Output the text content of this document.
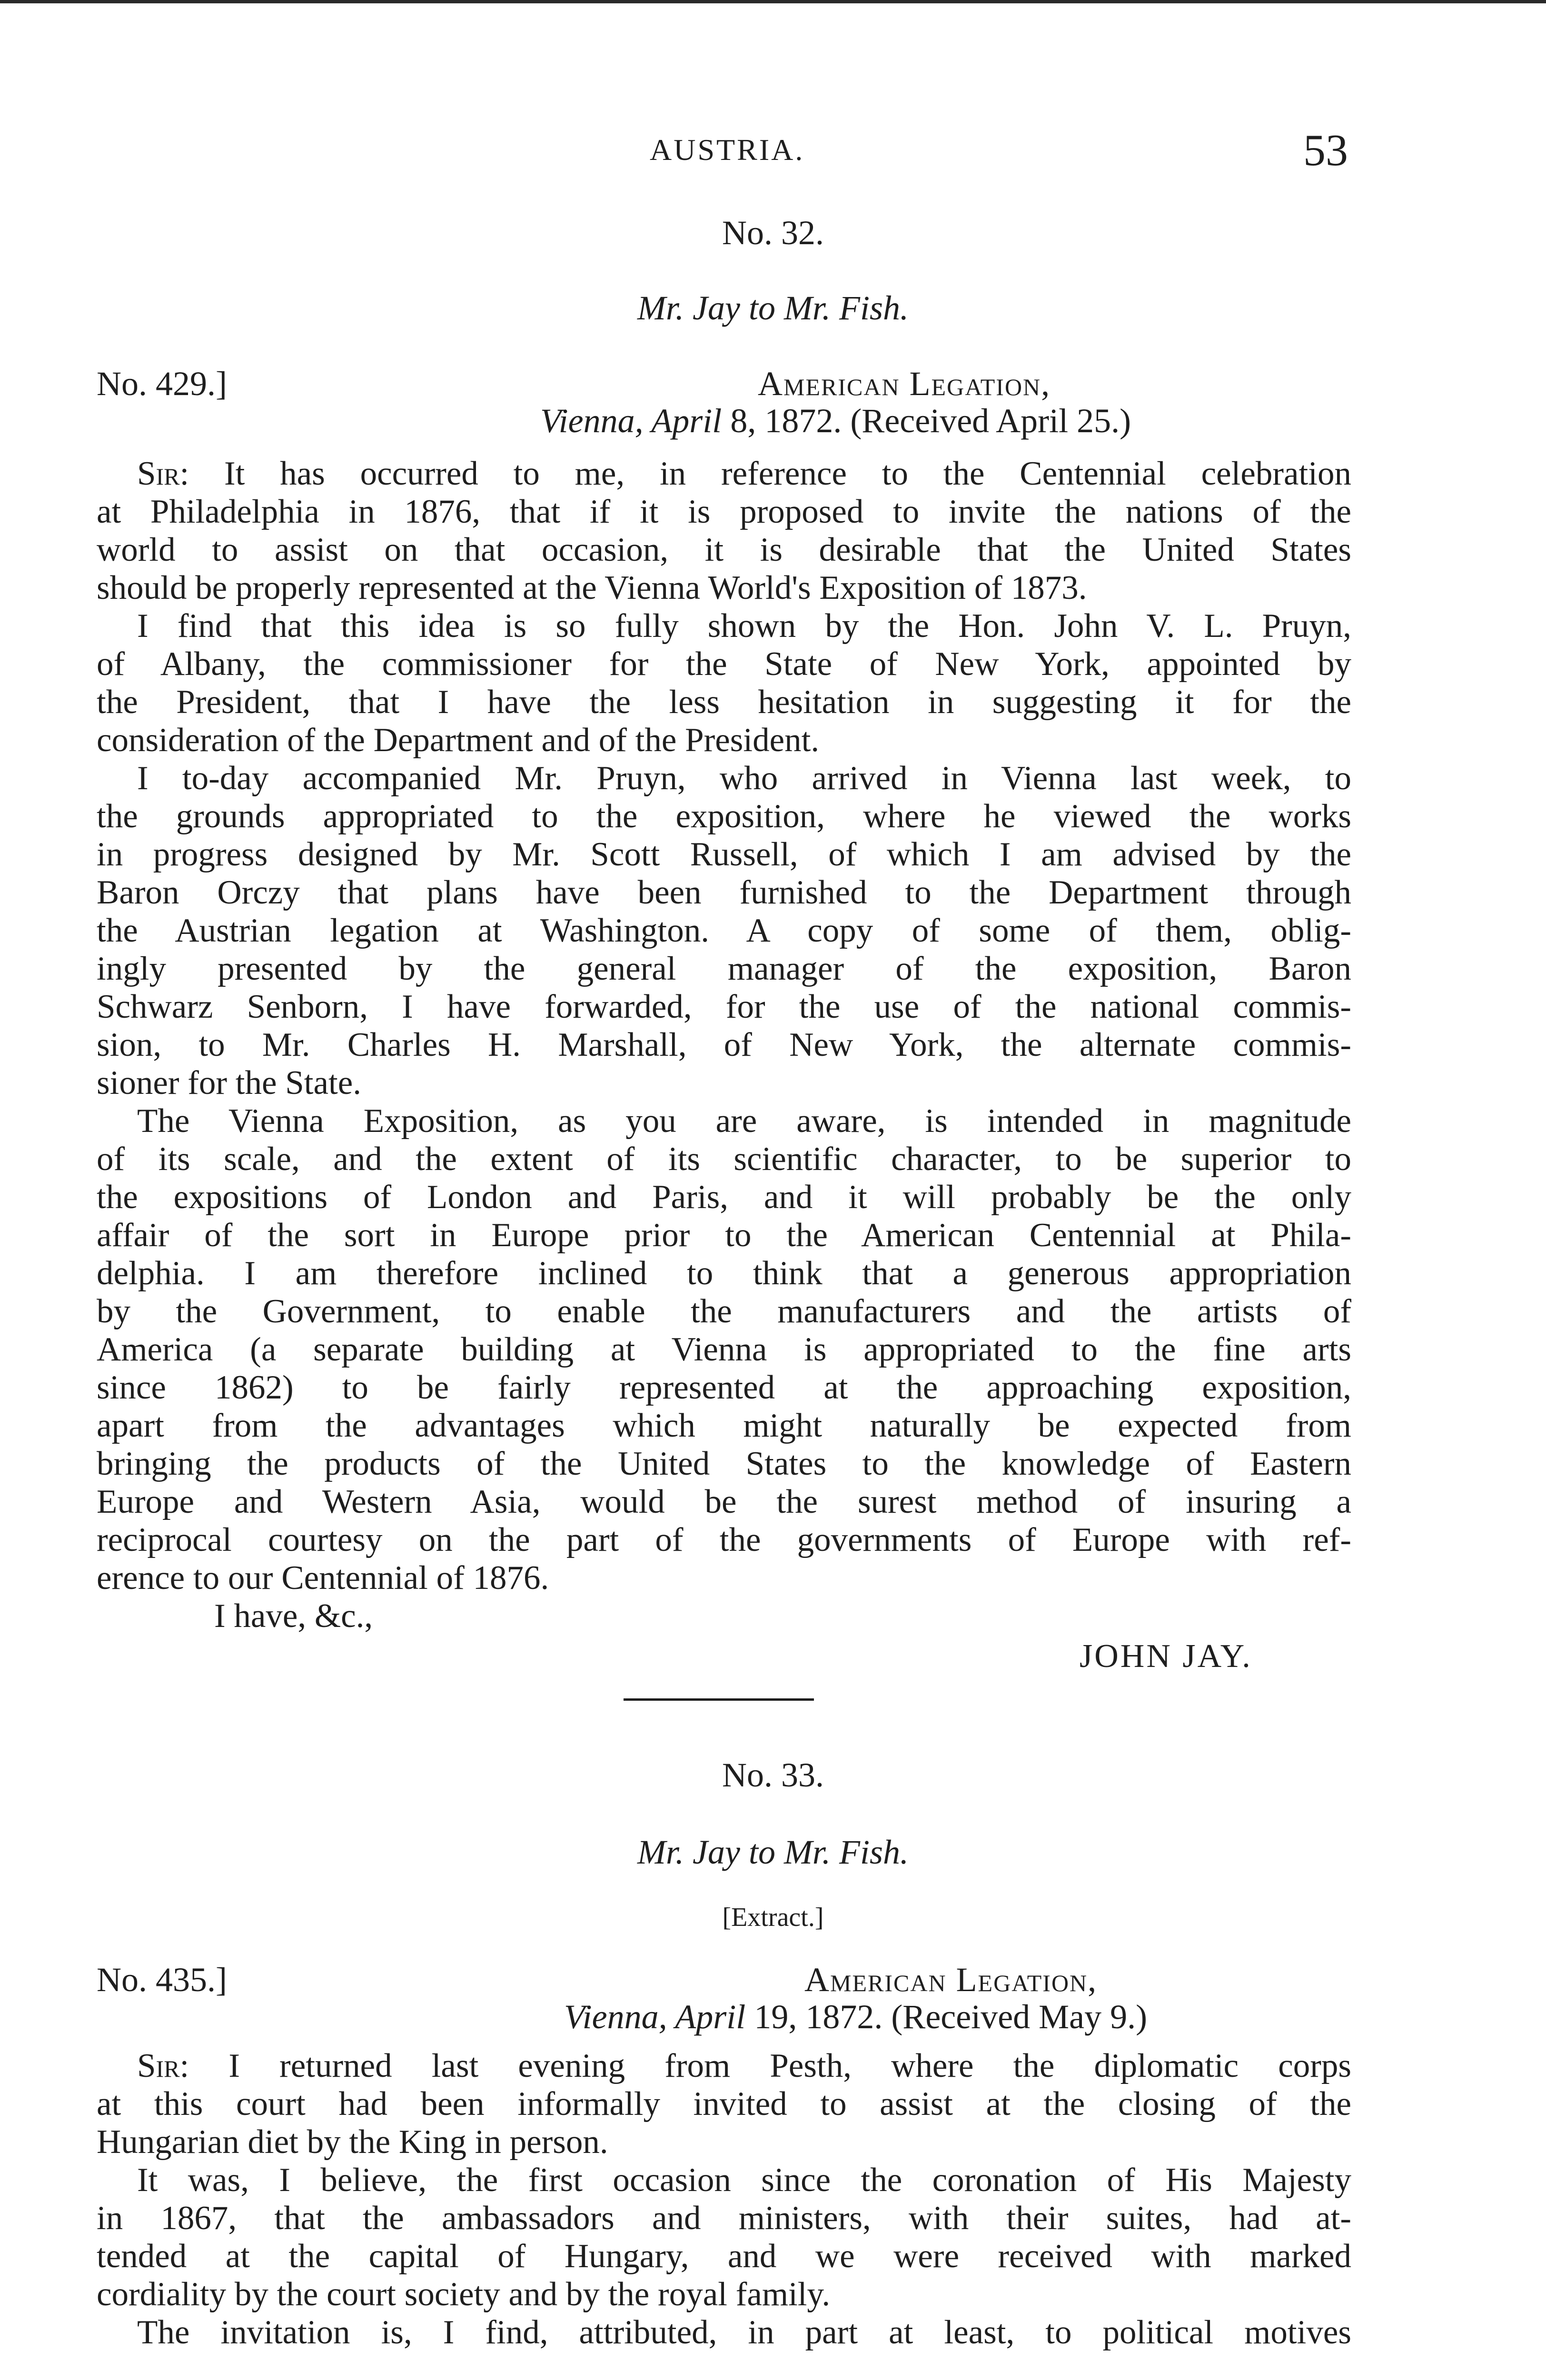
AUSTRIA.	53
No. 32.
Mr. Jay to Mr. Fish.
No. 429.]	American Legation,
Vienna, April 8, 1872. (Received April 25.)
Sir: It has occurred to me, in reference to the Centennial celebration
at Philadelphia in 1876, that if it is proposed to invite the nations of the
world to assist on that occasion, it is desirable that the United States
should be properly represented at the Vienna World's Exposition of 1873.
I find that this idea is so fully shown by the Hon. John V. L. Pruyn,
of Albany, the commissioner for the State of New York, appointed by
the President, that I have the less hesitation in suggesting it for the
consideration of the Department and of the President.
I to-day accompanied Mr. Pruyn, who arrived in Vienna last week, to
the grounds appropriated to the exposition, where he viewed the works
in progress designed by Mr. Scott Russell, of which I am advised by the
Baron Orczy that plans have been furnished to the Department through
the Austrian legation at Washington. A copy of some of them, oblig-
ingly presented by the general manager of the exposition, Baron
Schwarz Senborn, I have forwarded, for the use of the national commis-
sion, to Mr. Charles H. Marshall, of New York, the alternate commis-
sioner for the State.
The Vienna Exposition, as you are aware, is intended in magnitude
of its scale, and the extent of its scientific character, to be superior to
the expositions of London and Paris, and it will probably be the only
affair of the sort in Europe prior to the American Centennial at Phila-
delphia. I am therefore inclined to think that a generous appropriation
by the Government, to enable the manufacturers and the artists of
America (a separate building at Vienna is appropriated to the fine arts
since 1862) to be fairly represented at the approaching exposition,
apart from the advantages which might naturally be expected from
bringing the products of the United States to the knowledge of Eastern
Europe and Western Asia, would be the surest method of insuring a
reciprocal courtesy on the part of the governments of Europe with ref-
erence to our Centennial of 1876.
I have, &c.,
JOHN JAY.
No. 33.
Mr. Jay to Mr. Fish.
[Extract.]
No. 435.]	American Legation,
Vienna, April 19, 1872. (Received May 9.)
Sir: I returned last evening from Pesth, where the diplomatic corps
at this court had been informally invited to assist at the closing of the
Hungarian diet by the King in person.
It was, I believe, the first occasion since the coronation of His Majesty
in 1867, that the ambassadors and ministers, with their suites, had at-
tended at the capital of Hungary, and we were received with marked
cordiality by the court society and by the royal family.
The invitation is, I find, attributed, in part at least, to political motives
